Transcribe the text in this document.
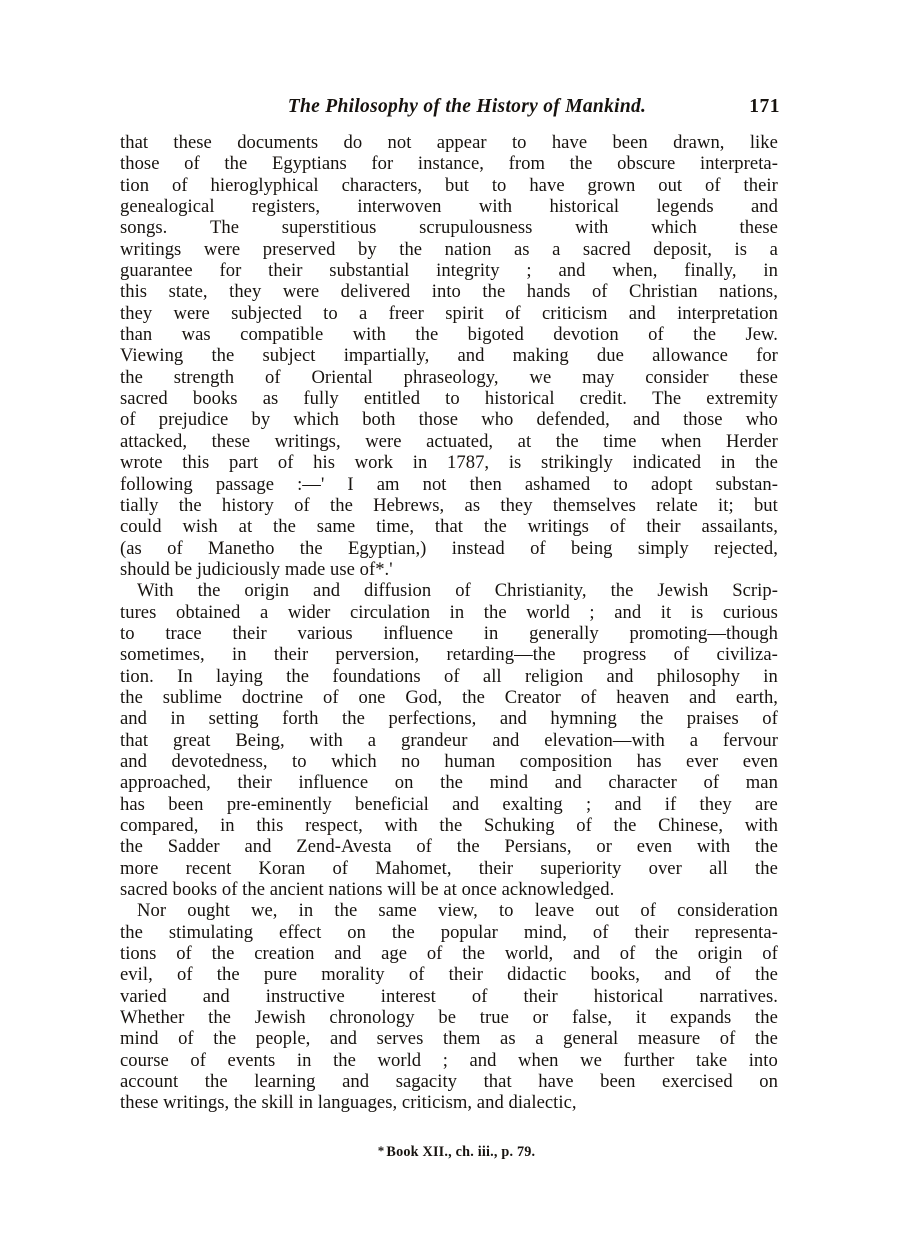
The Philosophy of the History of Mankind.	171
that these documents do not appear to have been drawn, like
those of the Egyptians for instance, from the obscure interpreta-
tion of hieroglyphical characters, but to have grown out of their
genealogical registers, interwoven with historical legends and
songs. The superstitious scrupulousness with which these
writings were preserved by the nation as a sacred deposit, is a
guarantee for their substantial integrity ; and when, finally, in
this state, they were delivered into the hands of Christian nations,
they were subjected to a freer spirit of criticism and interpretation
than was compatible with the bigoted devotion of the Jew.
Viewing the subject impartially, and making due allowance for
the strength of Oriental phraseology, we may consider these
sacred books as fully entitled to historical credit. The extremity
of prejudice by which both those who defended, and those who
attacked, these writings, were actuated, at the time when Herder
wrote this part of his work in 1787, is strikingly indicated in the
following passage :—' I am not then ashamed to adopt substan-
tially the history of the Hebrews, as they themselves relate it; but
could wish at the same time, that the writings of their assailants,
(as of Manetho the Egyptian,) instead of being simply rejected,
should be judiciously made use of*.'
With the origin and diffusion of Christianity, the Jewish Scrip-
tures obtained a wider circulation in the world ; and it is curious
to trace their various influence in generally promoting—though
sometimes, in their perversion, retarding—the progress of civiliza-
tion. In laying the foundations of all religion and philosophy in
the sublime doctrine of one God, the Creator of heaven and earth,
and in setting forth the perfections, and hymning the praises of
that great Being, with a grandeur and elevation—with a fervour
and devotedness, to which no human composition has ever even
approached, their influence on the mind and character of man
has been pre-eminently beneficial and exalting ; and if they are
compared, in this respect, with the Schuking of the Chinese, with
the Sadder and Zend-Avesta of the Persians, or even with the
more recent Koran of Mahomet, their superiority over all the
sacred books of the ancient nations will be at once acknowledged.
Nor ought we, in the same view, to leave out of consideration
the stimulating effect on the popular mind, of their representa-
tions of the creation and age of the world, and of the origin of
evil, of the pure morality of their didactic books, and of the
varied and instructive interest of their historical narratives.
Whether the Jewish chronology be true or false, it expands the
mind of the people, and serves them as a general measure of the
course of events in the world ; and when we further take into
account the learning and sagacity that have been exercised on
these writings, the skill in languages, criticism, and dialectic,

* Book XII., ch. iii., p. 79.
